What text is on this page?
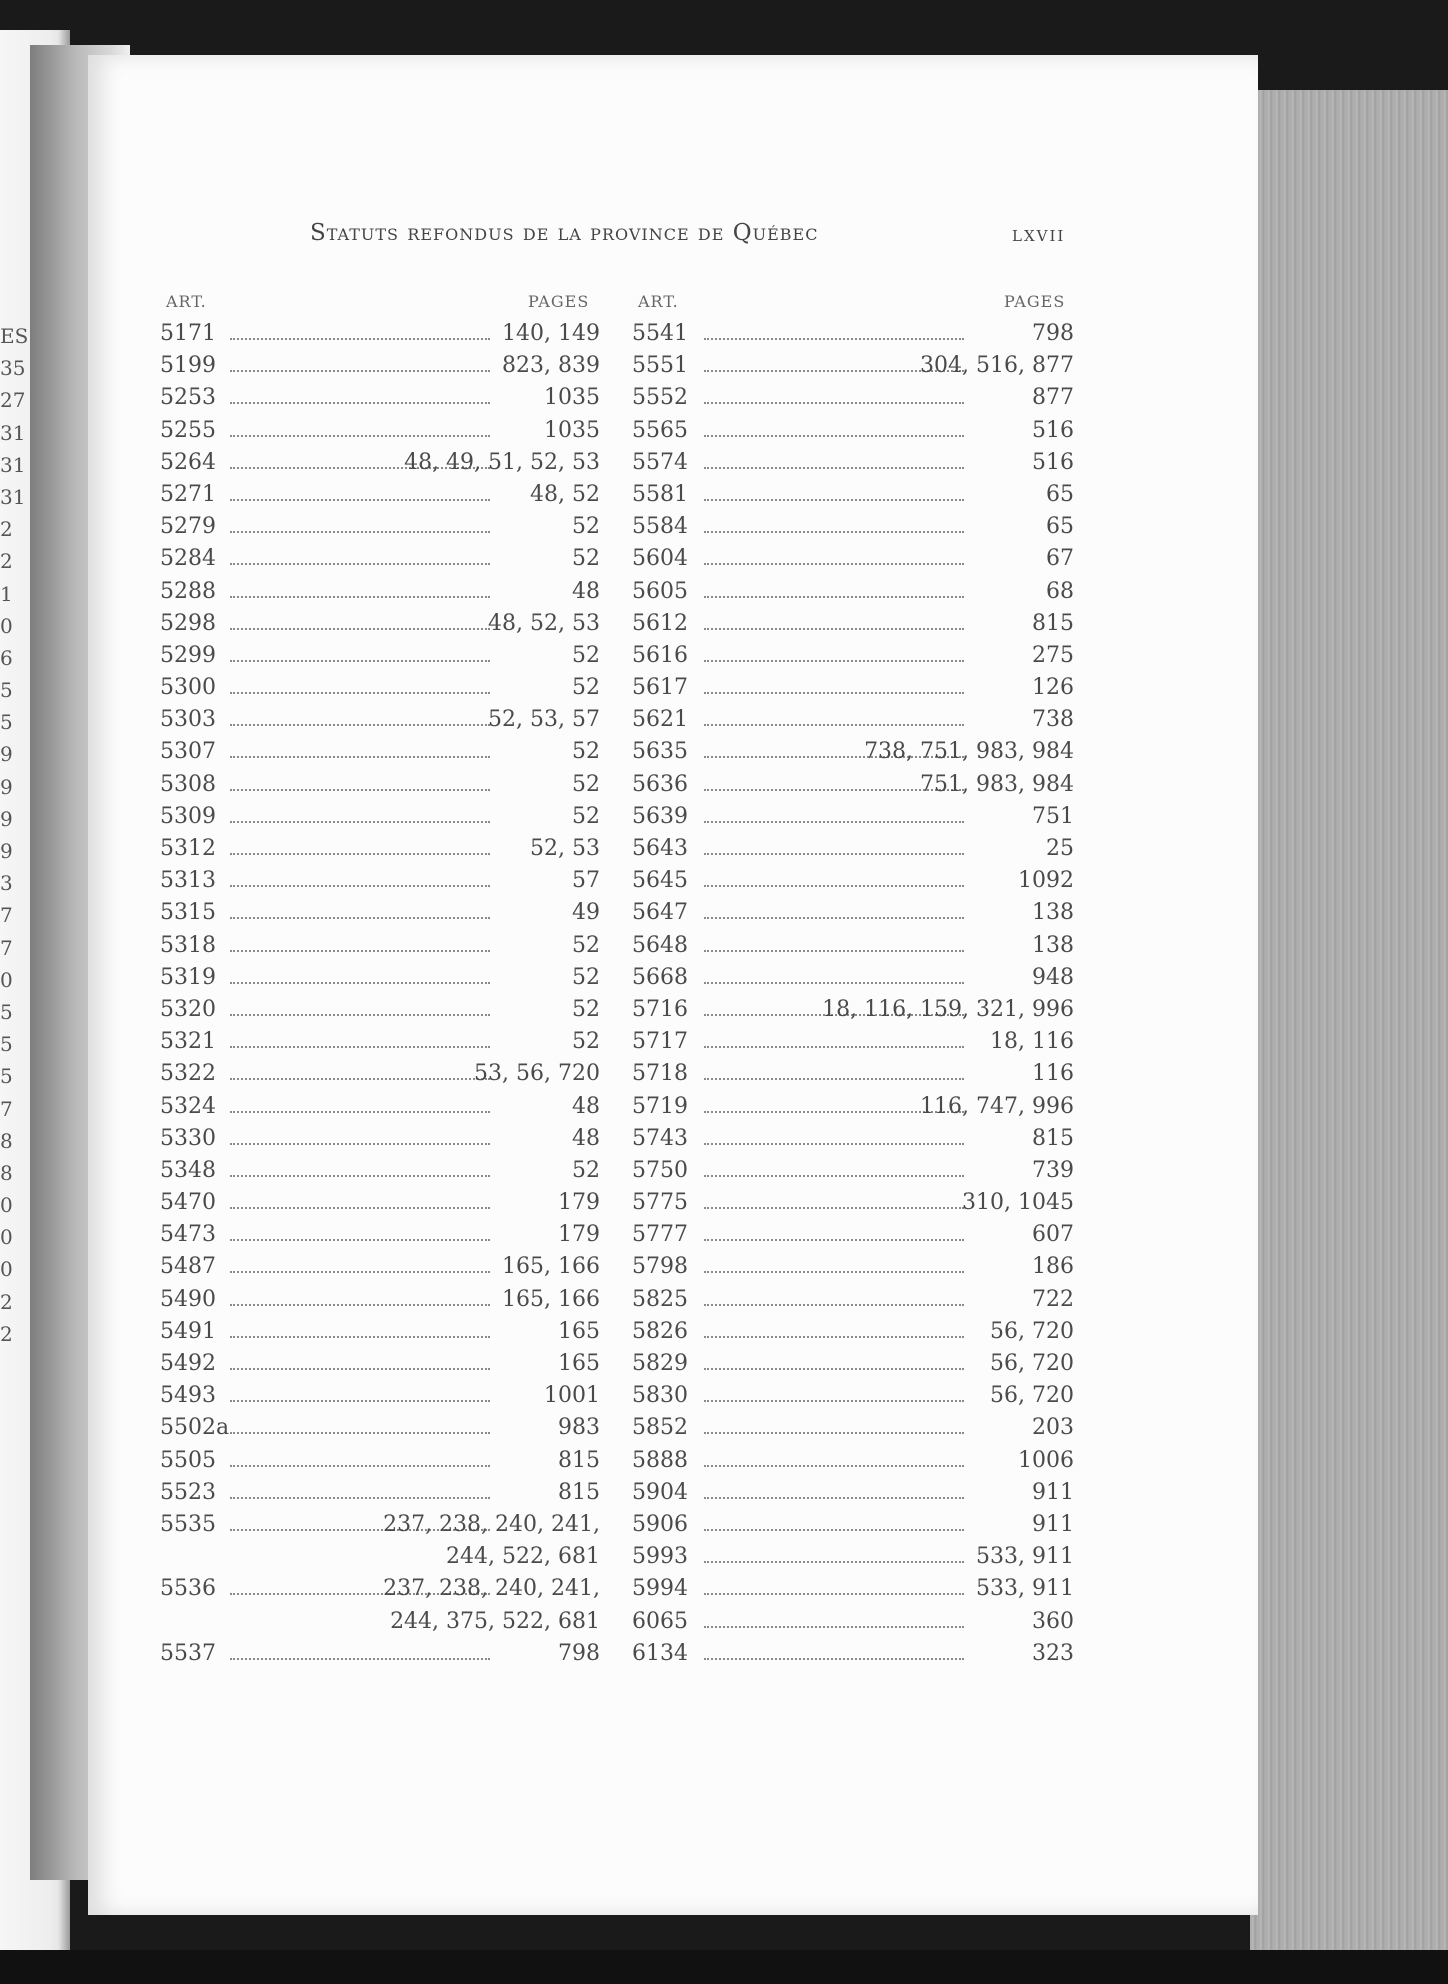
ES
35
27
31
31
31
2
2
1
0
6
5
5
9
9
9
9
3
7
7
0
5
5
5
7
8
8
0
0
0
2
2
Statuts refondus de la province de Québec	lxvii
ART.	PAGES	ART.	PAGES
5171	140, 149
5199	823, 839
5253	1035
5255	1035
5264	48, 49, 51, 52, 53
5271	48, 52
5279	52
5284	52
5288	48
5298	48, 52, 53
5299	52
5300	52
5303	52, 53, 57
5307	52
5308	52
5309	52
5312	52, 53
5313	57
5315	49
5318	52
5319	52
5320	52
5321	52
5322	53, 56, 720
5324	48
5330	48
5348	52
5470	179
5473	179
5487	165, 166
5490	165, 166
5491	165
5492	165
5493	1001
5502a	983
5505	815
5523	815
5535	237, 238, 240, 241,
244, 522, 681
5536	237, 238, 240, 241,
244, 375, 522, 681
5537	798
5541	798
5551	304, 516, 877
5552	877
5565	516
5574	516
5581	65
5584	65
5604	67
5605	68
5612	815
5616	275
5617	126
5621	738
5635	738, 751, 983, 984
5636	751, 983, 984
5639	751
5643	25
5645	1092
5647	138
5648	138
5668	948
5716	18, 116, 159, 321, 996
5717	18, 116
5718	116
5719	116, 747, 996
5743	815
5750	739
5775	310, 1045
5777	607
5798	186
5825	722
5826	56, 720
5829	56, 720
5830	56, 720
5852	203
5888	1006
5904	911
5906	911
5993	533, 911
5994	533, 911
6065	360
6134	323
